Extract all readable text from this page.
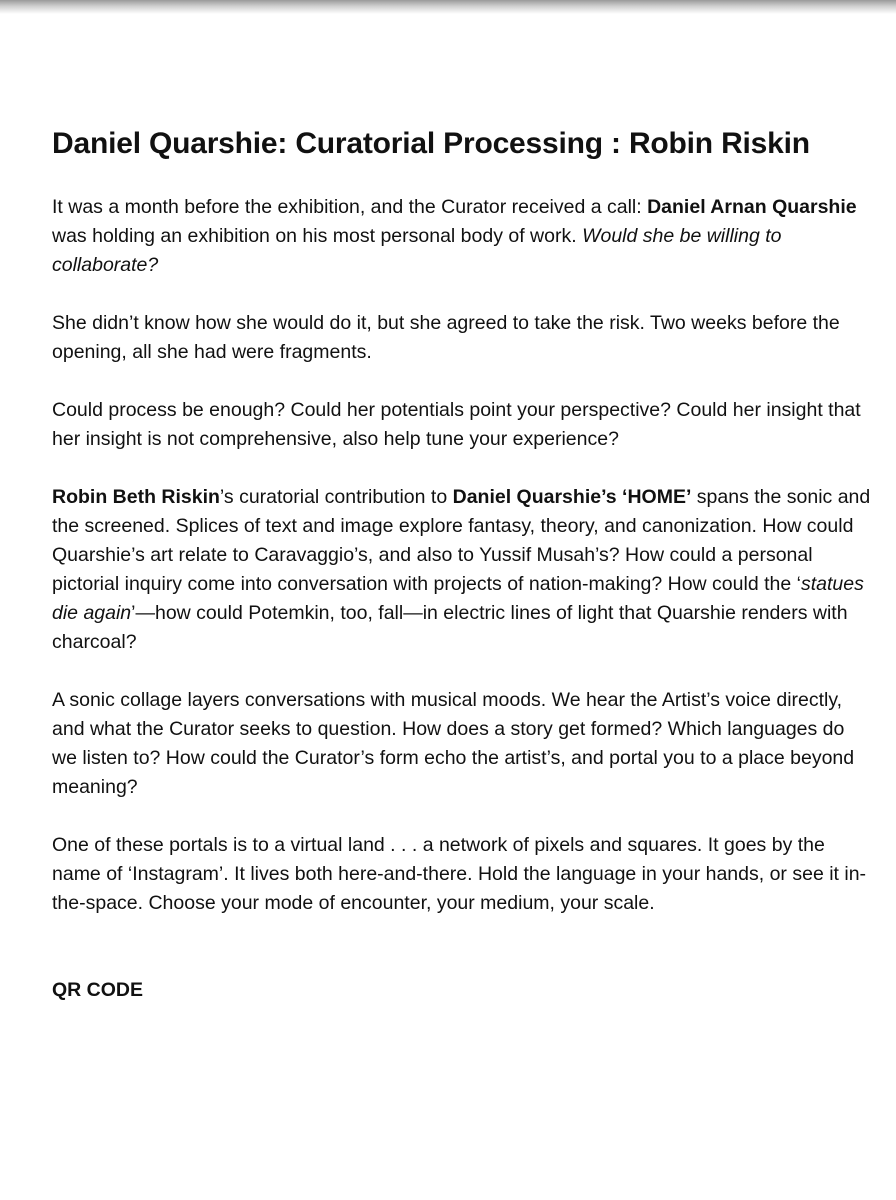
Daniel Quarshie: Curatorial Processing : Robin Riskin

It was a month before the exhibition, and the Curator received a call: Daniel Arnan Quarshie was holding an exhibition on his most personal body of work. Would she be willing to collaborate?

She didn’t know how she would do it, but she agreed to take the risk. Two weeks before the opening, all she had were fragments.

Could process be enough? Could her potentials point your perspective? Could her insight that her insight is not comprehensive, also help tune your experience?

Robin Beth Riskin’s curatorial contribution to Daniel Quarshie’s ‘HOME’ spans the sonic and the screened. Splices of text and image explore fantasy, theory, and canonization. How could Quarshie’s art relate to Caravaggio’s, and also to Yussif Musah’s? How could a personal pictorial inquiry come into conversation with projects of nation-making? How could the ‘statues die again’—how could Potemkin, too, fall—in electric lines of light that Quarshie renders with charcoal?

A sonic collage layers conversations with musical moods. We hear the Artist’s voice directly, and what the Curator seeks to question. How does a story get formed? Which languages do we listen to? How could the Curator’s form echo the artist’s, and portal you to a place beyond meaning?

One of these portals is to a virtual land . . . a network of pixels and squares. It goes by the name of ‘Instagram’. It lives both here-and-there. Hold the language in your hands, or see it in-the-space. Choose your mode of encounter, your medium, your scale.

QR CODE
